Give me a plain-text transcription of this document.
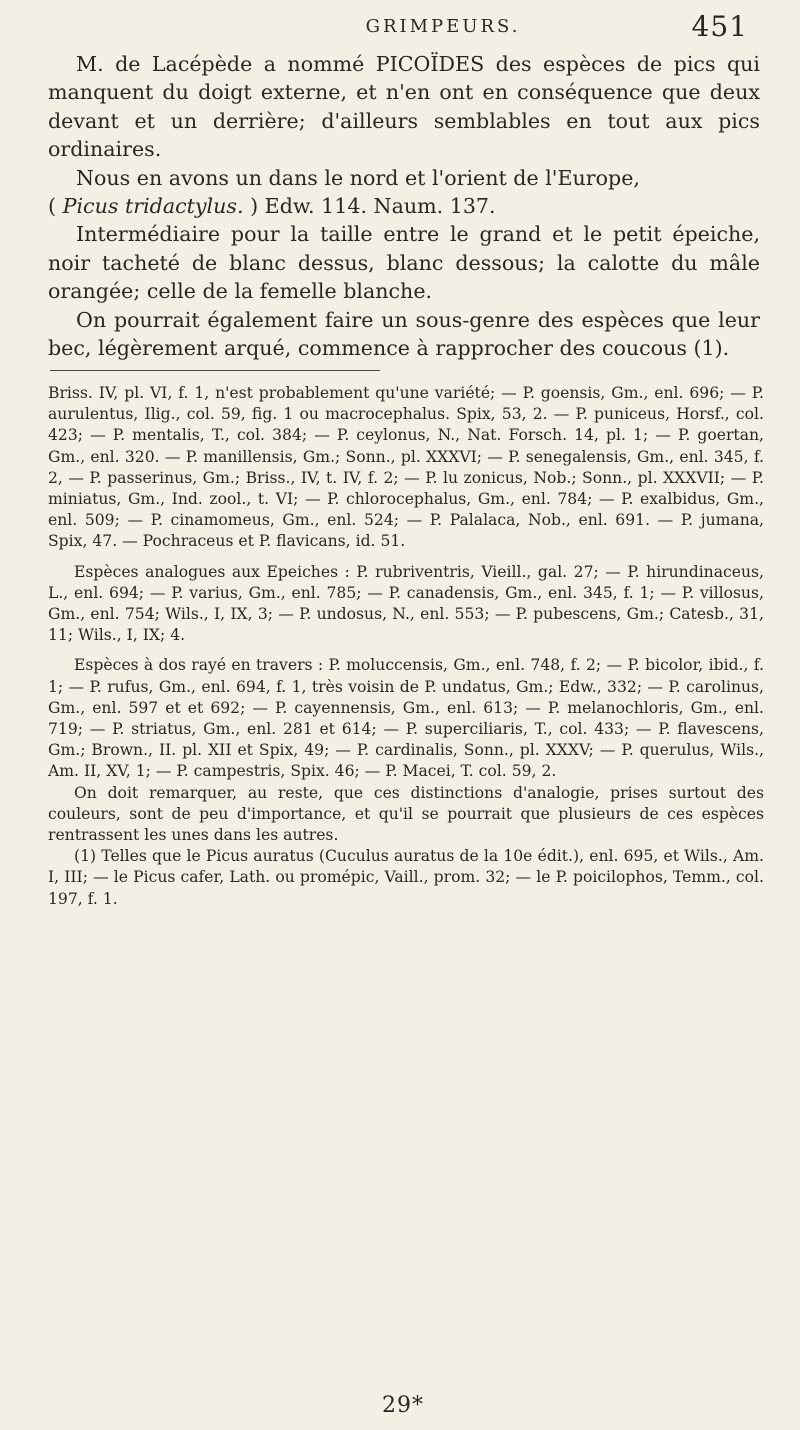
GRIMPEURS.	451

M. de Lacépède a nommé PICOÏDES des espèces de pics qui manquent du doigt externe, et n'en ont en conséquence que deux devant et un derrière; d'ailleurs semblables en tout aux pics ordinaires.

Nous en avons un dans le nord et l'orient de l'Europe,

( Picus tridactylus. ) Edw. 114. Naum. 137.

Intermédiaire pour la taille entre le grand et le petit épeiche, noir tacheté de blanc dessus, blanc dessous; la calotte du mâle orangée; celle de la femelle blanche.

On pourrait également faire un sous-genre des espèces que leur bec, légèrement arqué, commence à rapprocher des coucous (1).

Briss. IV, pl. VI, f. 1, n'est probablement qu'une variété; — P. goensis, Gm., enl. 696; — P. aurulentus, Ilig., col. 59, fig. 1 ou macrocephalus. Spix, 53, 2. — P. puniceus, Horsf., col. 423; — P. mentalis, T., col. 384; — P. ceylonus, N., Nat. Forsch. 14, pl. 1; — P. goertan, Gm., enl. 320. — P. manillensis, Gm.; Sonn., pl. XXXVI; — P. senegalensis, Gm., enl. 345, f. 2, — P. passerinus, Gm.; Briss., IV, t. IV, f. 2; — P. lu zonicus, Nob.; Sonn., pl. XXXVII; — P. miniatus, Gm., Ind. zool., t. VI; — P. chlorocephalus, Gm., enl. 784; — P. exalbidus, Gm., enl. 509; — P. cinamomeus, Gm., enl. 524; — P. Palalaca, Nob., enl. 691. — P. jumana, Spix, 47. — Pochraceus et P. flavicans, id. 51.

Espèces analogues aux Epeiches : P. rubriventris, Vieill., gal. 27; — P. hirundinaceus, L., enl. 694; — P. varius, Gm., enl. 785; — P. canadensis, Gm., enl. 345, f. 1; — P. villosus, Gm., enl. 754; Wils., I, IX, 3; — P. undosus, N., enl. 553; — P. pubescens, Gm.; Catesb., 31, 11; Wils., I, IX; 4.

Espèces à dos rayé en travers : P. moluccensis, Gm., enl. 748, f. 2; — P. bicolor, ibid., f. 1; — P. rufus, Gm., enl. 694, f. 1, très voisin de P. undatus, Gm.; Edw., 332; — P. carolinus, Gm., enl. 597 et et 692; — P. cayennensis, Gm., enl. 613; — P. melanochloris, Gm., enl. 719; — P. striatus, Gm., enl. 281 et 614; — P. superciliaris, T., col. 433; — P. flavescens, Gm.; Brown., II. pl. XII et Spix, 49; — P. cardinalis, Sonn., pl. XXXV; — P. querulus, Wils., Am. II, XV, 1; — P. campestris, Spix. 46; — P. Macei, T. col. 59, 2.

On doit remarquer, au reste, que ces distinctions d'analogie, prises surtout des couleurs, sont de peu d'importance, et qu'il se pourrait que plusieurs de ces espèces rentrassent les unes dans les autres.

(1) Telles que le Picus auratus (Cuculus auratus de la 10e édit.), enl. 695, et Wils., Am. I, III; — le Picus cafer, Lath. ou promépic, Vaill., prom. 32; — le P. poicilophos, Temm., col. 197, f. 1.

29*
